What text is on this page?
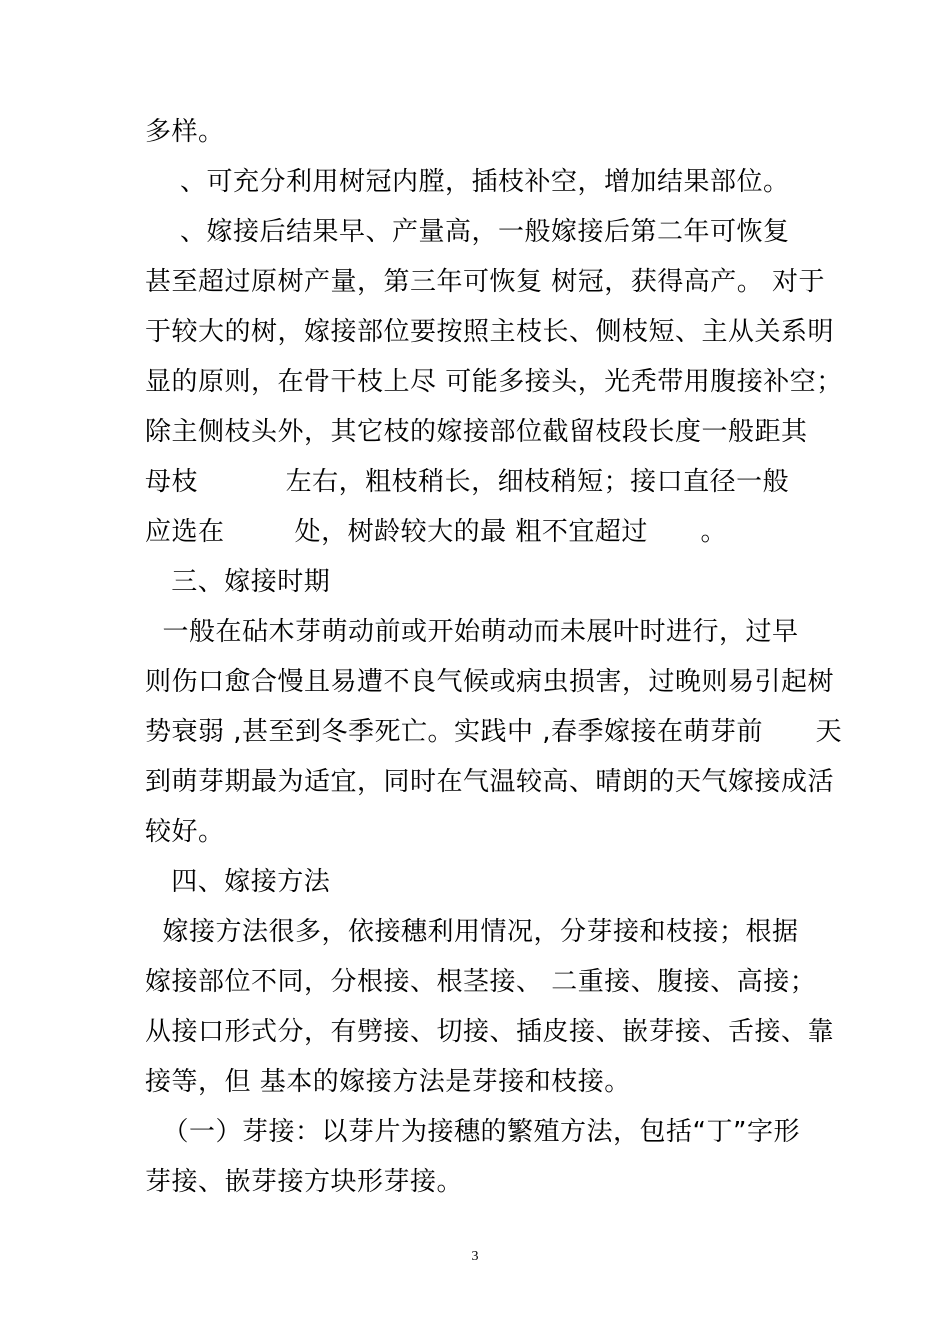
多样。
、可充分利用树冠内膛，插枝补空，增加结果部位。
、嫁接后结果早、产量高，一般嫁接后第二年可恢复
甚至超过原树产量，第三年可恢复 树冠，获得高产。 对于
于较大的树，嫁接部位要按照主枝长、侧枝短、主从关系明
显的原则，在骨干枝上尽 可能多接头，光秃带用腹接补空；
除主侧枝头外，其它枝的嫁接部位截留枝段长度一般距其
母枝          左右，粗枝稍长，细枝稍短；接口直径一般
应选在        处，树龄较大的最 粗不宜超过      。
三、嫁接时期
一般在砧木芽萌动前或开始萌动而未展叶时进行，过早
则伤口愈合慢且易遭不良气候或病虫损害，过晚则易引起树
势衰弱 ,甚至到冬季死亡。实践中 ,春季嫁接在萌芽前      天
到萌芽期最为适宜，同时在气温较高、晴朗的天气嫁接成活
较好。
四、嫁接方法
嫁接方法很多，依接穗利用情况，分芽接和枝接；根据
嫁接部位不同，分根接、根茎接、 二重接、腹接、高接；
从接口形式分，有劈接、切接、插皮接、嵌芽接、舌接、靠
接等，但 基本的嫁接方法是芽接和枝接。
（一）芽接：以芽片为接穗的繁殖方法，包括“丁”字形
芽接、嵌芽接方块形芽接。
3
